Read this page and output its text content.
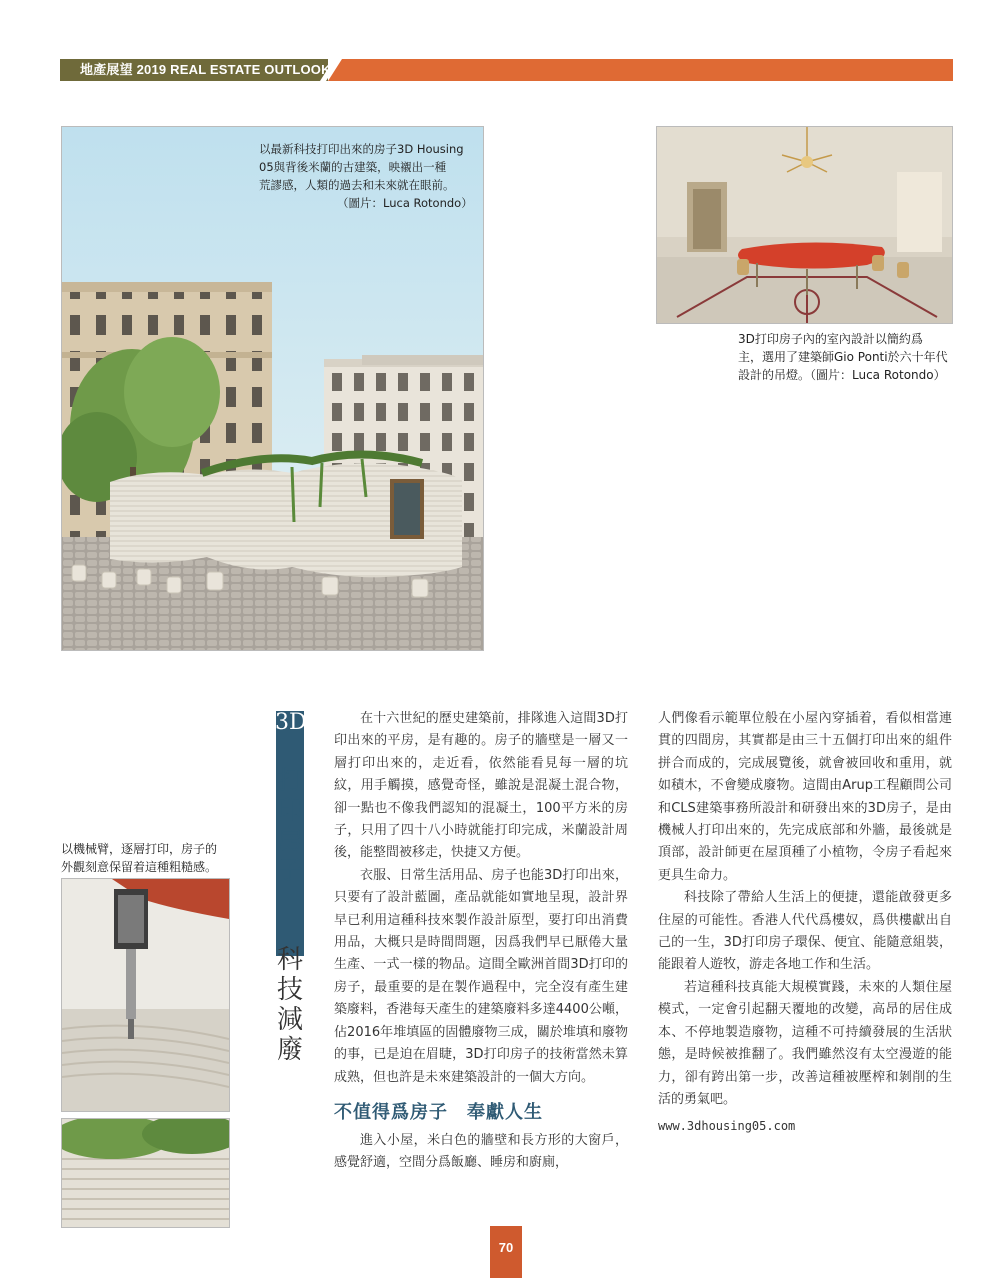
地產展望 2019 REAL ESTATE OUTLOOK
以最新科技打印出來的房子3D Housing
05與背後米蘭的古建築，映襯出一種
荒謬感，人類的過去和未來就在眼前。
（圖片：Luca Rotondo）
3D打印房子內的室內設計以簡約爲
主，選用了建築師Gio Ponti於六十年代
設計的吊燈。（圖片：Luca Rotondo）
以機械臂，逐層打印，房子的
外觀刻意保留着這種粗糙感。
3D
打
印
房
子
科
技
減
廢

在十六世紀的歷史建築前，排隊進入這間3D打印出來的平房，是有趣的。房子的牆壁是一層又一層打印出來的，走近看，依然能看見每一層的坑紋，用手觸摸，感覺奇怪，雖說是混凝土混合物，卻一點也不像我們認知的混凝土，100平方米的房子，只用了四十八小時就能打印完成，米蘭設計周後，能整間被移走，快捷又方便。

衣服、日常生活用品、房子也能3D打印出來，只要有了設計藍圖，產品就能如實地呈現，設計界早已利用這種科技來製作設計原型，要打印出消費用品，大概只是時間問題，因爲我們早已厭倦大量生產、一式一樣的物品。這間全歐洲首間3D打印的房子，最重要的是在製作過程中，完全沒有產生建築廢料，香港每天產生的建築廢料多達4400公噸，佔2016年堆填區的固體廢物三成，關於堆填和廢物的事，已是迫在眉睫，3D打印房子的技術當然未算成熟，但也許是未來建築設計的一個大方向。

不值得爲房子　奉獻人生

進入小屋，米白色的牆壁和長方形的大窗戶，感覺舒適，空間分爲飯廳、睡房和廚廁，

人們像看示範單位般在小屋內穿插着，看似相當連貫的四間房，其實都是由三十五個打印出來的組件拼合而成的，完成展覽後，就會被回收和重用，就如積木，不會變成廢物。這間由Arup工程顧問公司和CLS建築事務所設計和研發出來的3D房子，是由機械人打印出來的，先完成底部和外牆，最後就是頂部，設計師更在屋頂種了小植物，令房子看起來更具生命力。

科技除了帶給人生活上的便捷，還能啟發更多住屋的可能性。香港人代代爲樓奴，爲供樓獻出自己的一生，3D打印房子環保、便宜、能隨意組裝，能跟着人遊牧，游走各地工作和生活。

若這種科技真能大規模實踐，未來的人類住屋模式，一定會引起翻天覆地的改變，高昂的居住成本、不停地製造廢物，這種不可持續發展的生活狀態，是時候被推翻了。我們雖然沒有太空漫遊的能力，卻有跨出第一步，改善這種被壓榨和剝削的生活的勇氣吧。

www.3dhousing05.com

70
